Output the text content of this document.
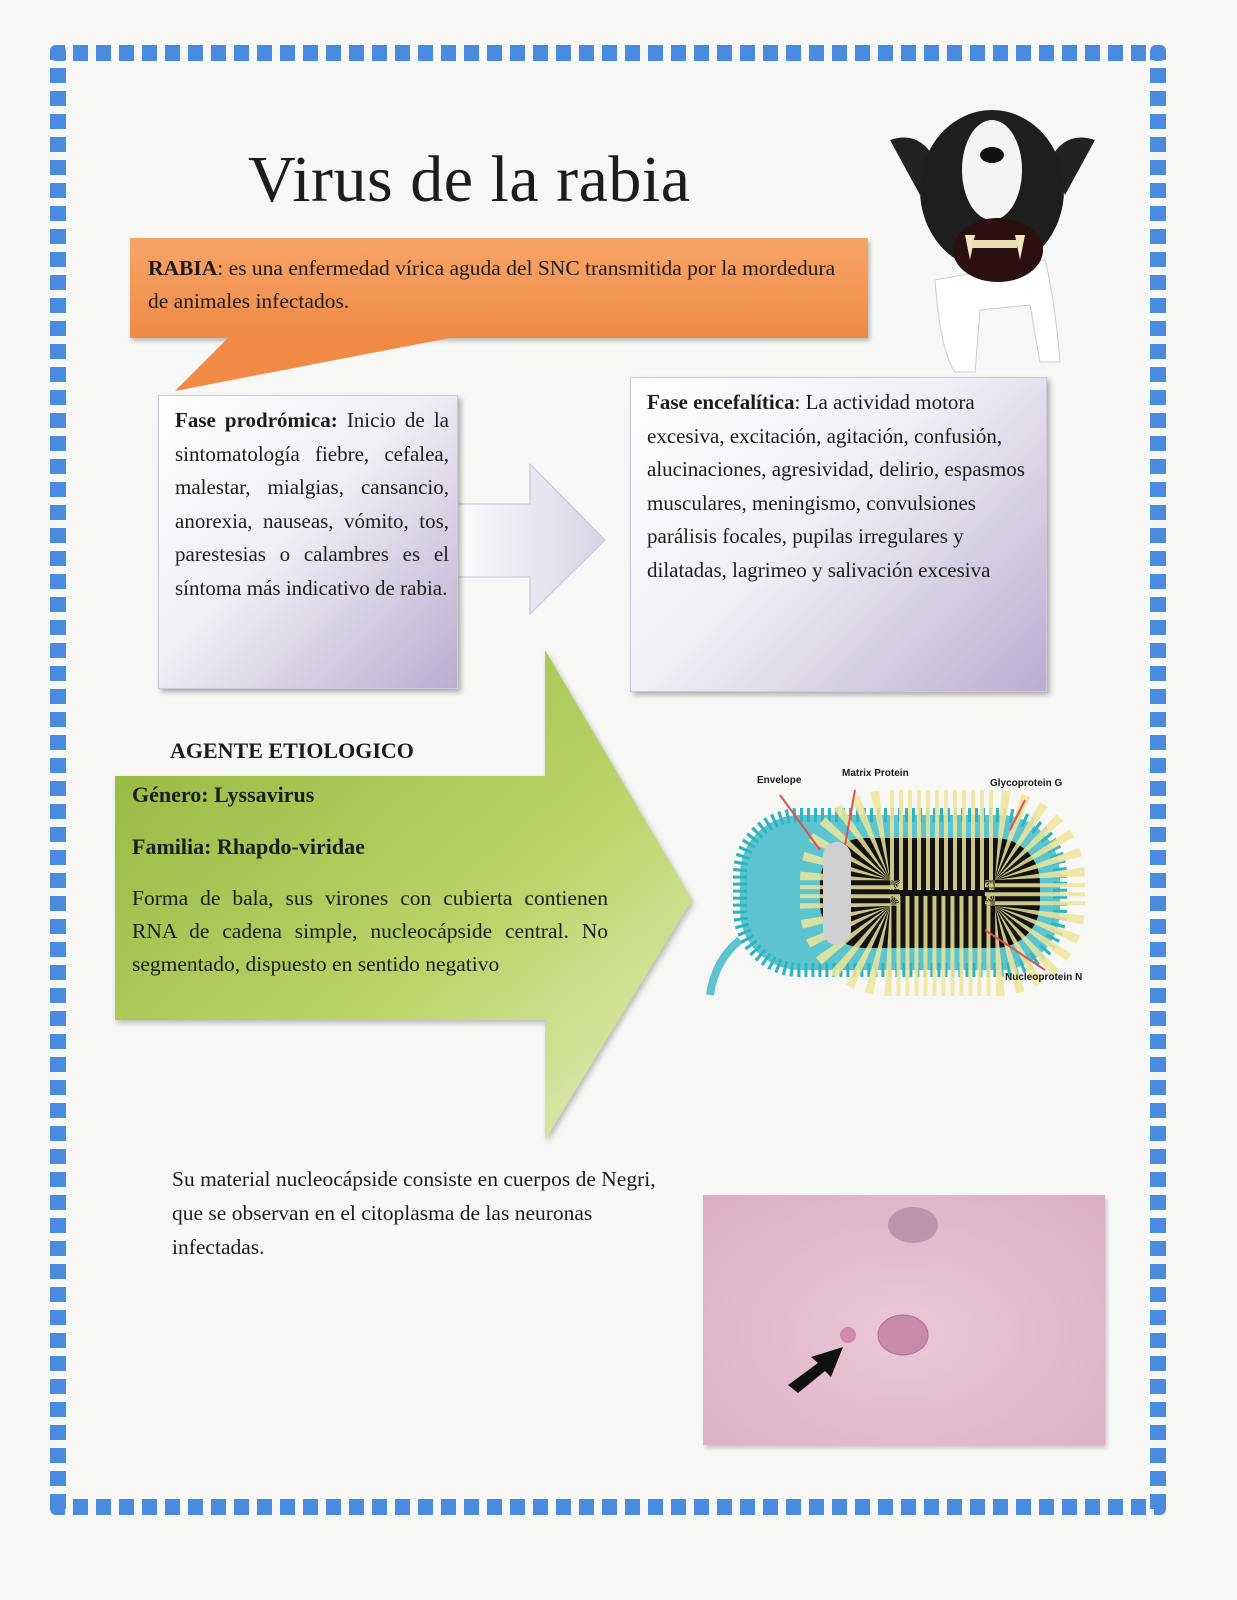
Virus de la rabia

RABIA: es una enfermedad vírica aguda del SNC transmitida por la mordedura de animales infectados.

Fase prodrómica: Inicio de la sintomatología fiebre, cefalea, malestar, mialgias, cansancio, anorexia, nauseas, vómito, tos, parestesias o calambres es el síntoma más indicativo de rabia.

Fase encefalítica: La actividad motora excesiva, excitación, agitación, confusión, alucinaciones, agresividad, delirio, espasmos musculares, meningismo, convulsiones parálisis focales, pupilas irregulares y dilatadas, lagrimeo y salivación excesiva

AGENTE ETIOLOGICO
Género: Lyssavirus
Familia: Rhapdo-viridae
Forma de bala, sus virones con cubierta contienen RNA de cadena simple, nucleocápside central. No segmentado, dispuesto en sentido negativo
Envelope
Matrix Protein
Glycoprotein G
Nucleoprotein N
Su material nucleocápside consiste en cuerpos de Negri, que se observan en el citoplasma de las neuronas infectadas.
